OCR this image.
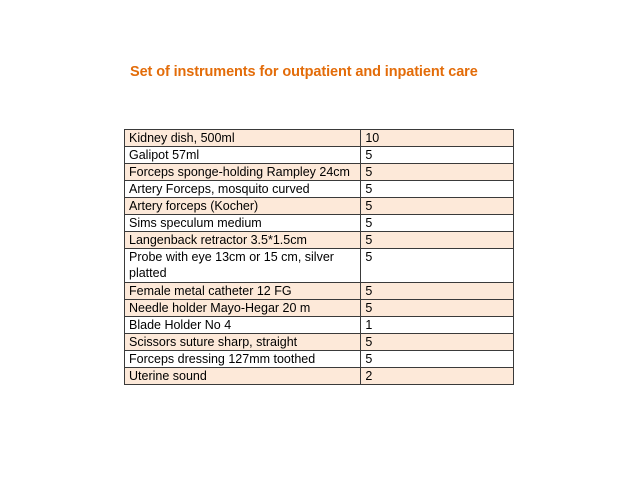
Set of instruments for outpatient and inpatient care
Kidney dish, 500ml	10
Galipot 57ml	5
Forceps sponge-holding Rampley 24cm	5
Artery Forceps, mosquito curved	5
Artery forceps (Kocher)	5
Sims speculum medium	5
Langenback retractor 3.5*1.5cm	5
Probe with eye 13cm or 15 cm, silver platted	5
Female metal catheter 12 FG	5
Needle holder Mayo-Hegar 20 m	5
Blade Holder No 4	1
Scissors suture sharp, straight	5
Forceps dressing 127mm toothed	5
Uterine sound	2
